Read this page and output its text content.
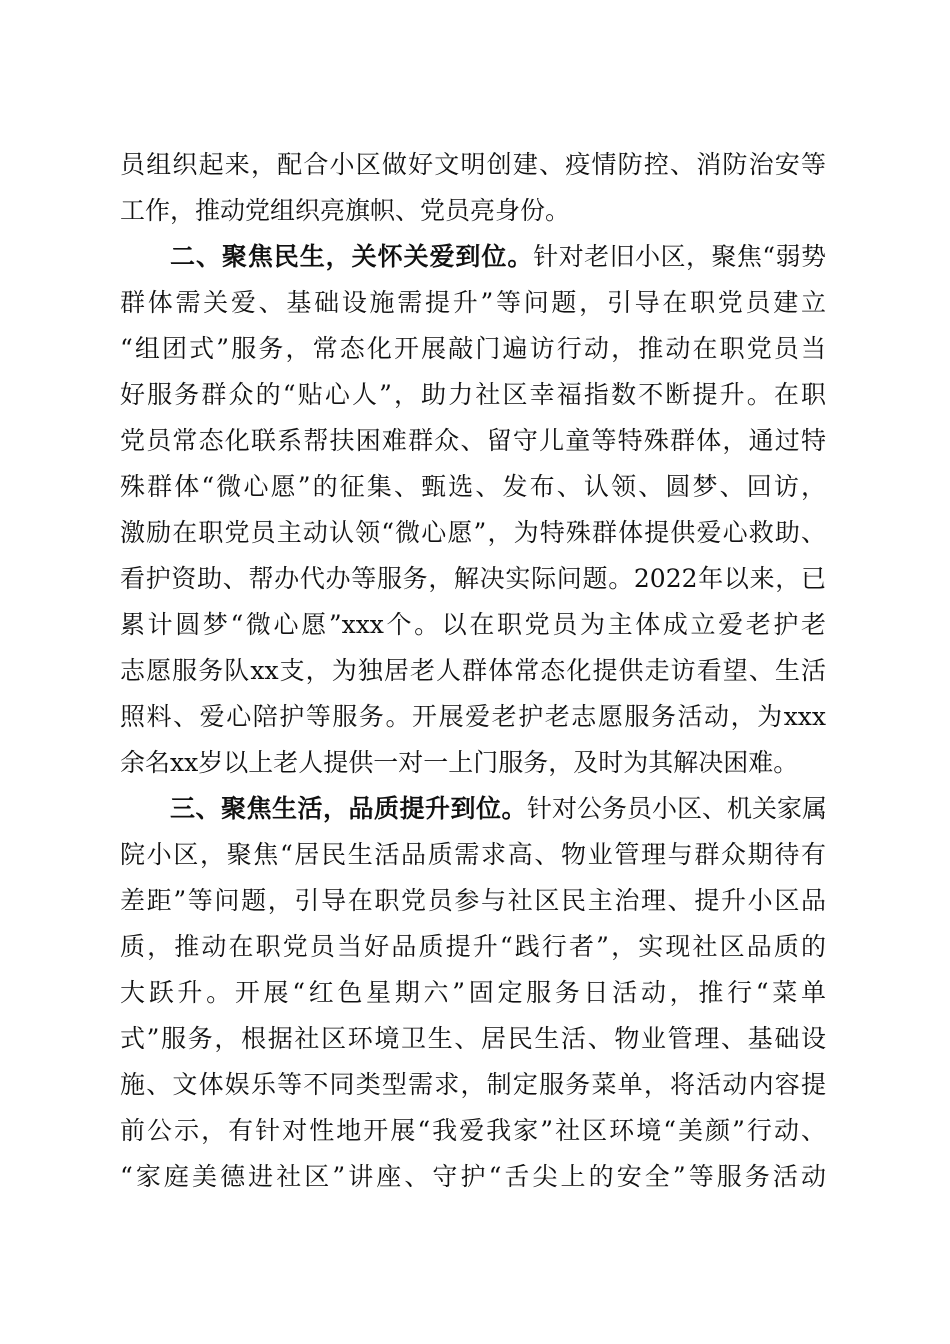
员组织起来，配合小区做好文明创建、疫情防控、消防治安等
工作，推动党组织亮旗帜、党员亮身份。
二、聚焦民生，关怀关爱到位。针对老旧小区，聚焦“弱势
群体需关爱、基础设施需提升”等问题，引导在职党员建立
“组团式”服务，常态化开展敲门遍访行动，推动在职党员当
好服务群众的“贴心人”，助力社区幸福指数不断提升。在职
党员常态化联系帮扶困难群众、留守儿童等特殊群体，通过特
殊群体“微心愿”的征集、甄选、发布、认领、圆梦、回访，
激励在职党员主动认领“微心愿”，为特殊群体提供爱心救助、
看护资助、帮办代办等服务，解决实际问题。2022年以来，已
累计圆梦“微心愿”xxx个。以在职党员为主体成立爱老护老
志愿服务队xx支，为独居老人群体常态化提供走访看望、生活
照料、爱心陪护等服务。开展爱老护老志愿服务活动，为xxx
余名xx岁以上老人提供一对一上门服务，及时为其解决困难。
三、聚焦生活，品质提升到位。针对公务员小区、机关家属
院小区，聚焦“居民生活品质需求高、物业管理与群众期待有
差距”等问题，引导在职党员参与社区民主治理、提升小区品
质，推动在职党员当好品质提升“践行者”，实现社区品质的
大跃升。开展“红色星期六”固定服务日活动，推行“菜单
式”服务，根据社区环境卫生、居民生活、物业管理、基础设
施、文体娱乐等不同类型需求，制定服务菜单，将活动内容提
前公示，有针对性地开展“我爱我家”社区环境“美颜”行动、
“家庭美德进社区”讲座、守护“舌尖上的安全”等服务活动
